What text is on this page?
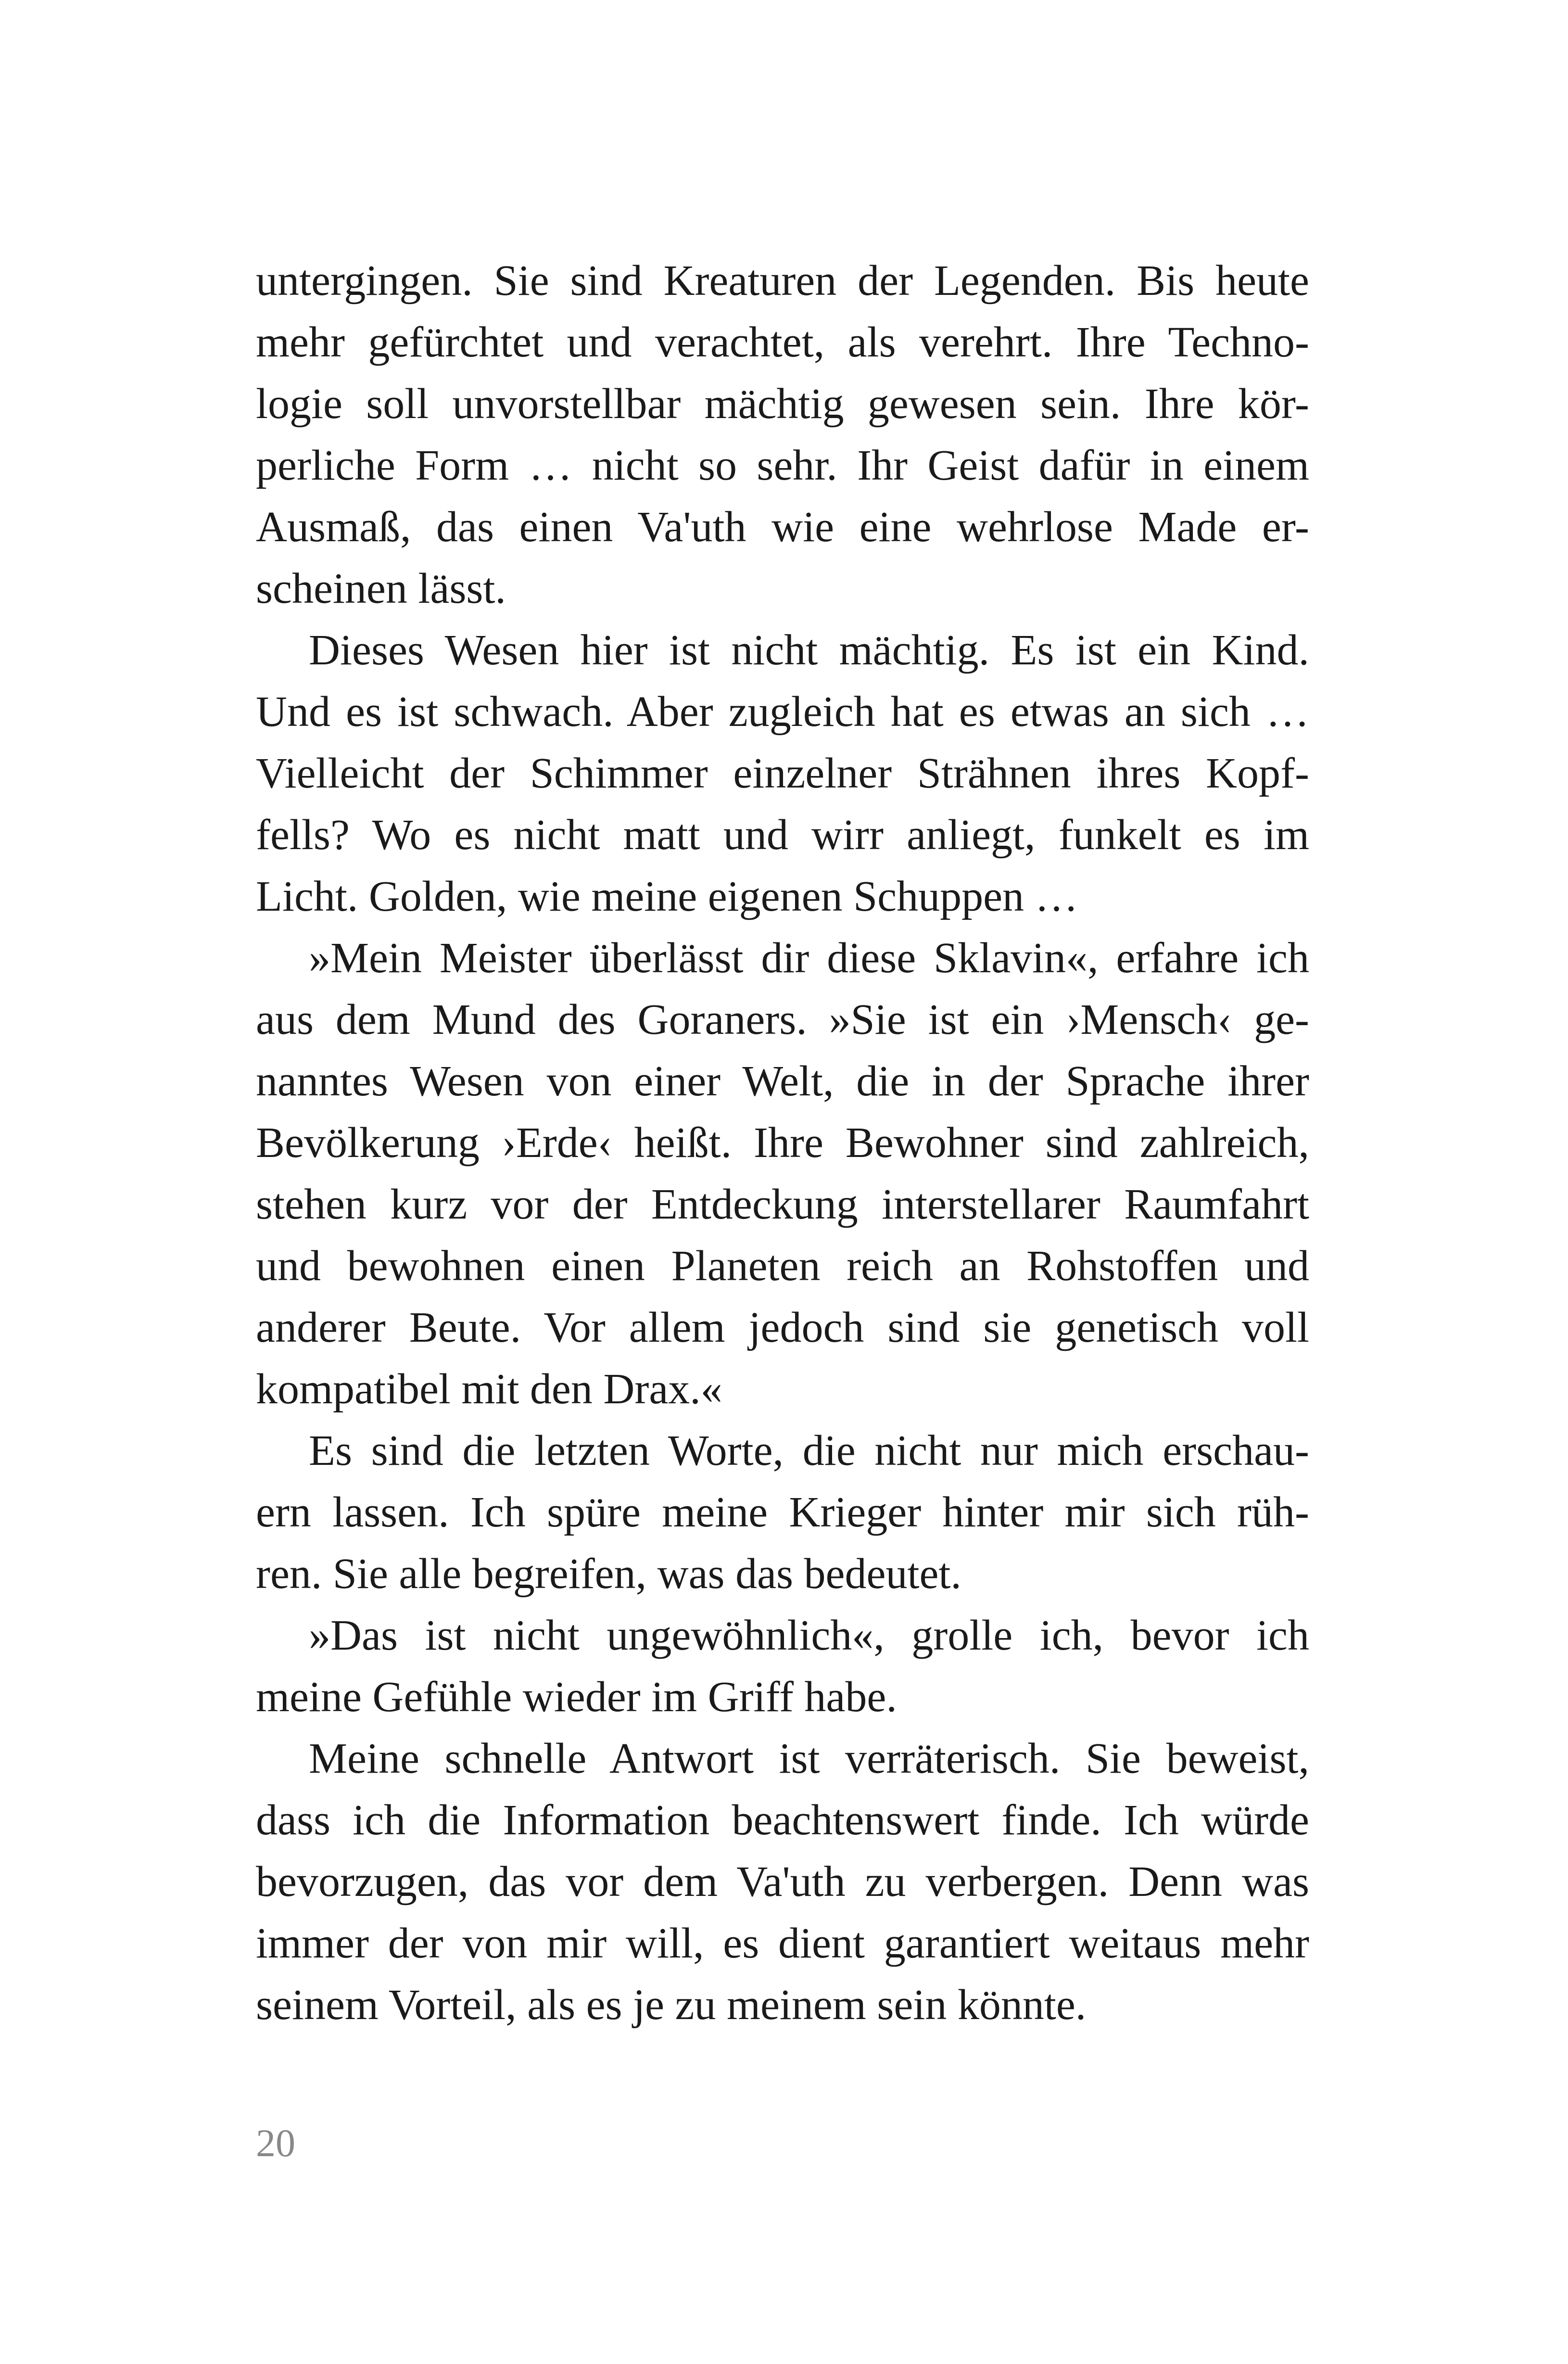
untergingen. Sie sind Kreaturen der Legenden. Bis heute
mehr gefürchtet und verachtet, als verehrt. Ihre Techno-
logie soll unvorstellbar mächtig gewesen sein. Ihre kör-
perliche Form … nicht so sehr. Ihr Geist dafür in einem
Ausmaß, das einen Va'uth wie eine wehrlose Made er-
scheinen lässt.
Dieses Wesen hier ist nicht mächtig. Es ist ein Kind.
Und es ist schwach. Aber zugleich hat es etwas an sich …
Vielleicht der Schimmer einzelner Strähnen ihres Kopf-
fells? Wo es nicht matt und wirr anliegt, funkelt es im
Licht. Golden, wie meine eigenen Schuppen …
»Mein Meister überlässt dir diese Sklavin«, erfahre ich
aus dem Mund des Goraners. »Sie ist ein ›Mensch‹ ge-
nanntes Wesen von einer Welt, die in der Sprache ihrer
Bevölkerung ›Erde‹ heißt. Ihre Bewohner sind zahlreich,
stehen kurz vor der Entdeckung interstellarer Raumfahrt
und bewohnen einen Planeten reich an Rohstoffen und
anderer Beute. Vor allem jedoch sind sie genetisch voll
kompatibel mit den Drax.«
Es sind die letzten Worte, die nicht nur mich erschau-
ern lassen. Ich spüre meine Krieger hinter mir sich rüh-
ren. Sie alle begreifen, was das bedeutet.
»Das ist nicht ungewöhnlich«, grolle ich, bevor ich
meine Gefühle wieder im Griff habe.
Meine schnelle Antwort ist verräterisch. Sie beweist,
dass ich die Information beachtenswert finde. Ich würde
bevorzugen, das vor dem Va'uth zu verbergen. Denn was
immer der von mir will, es dient garantiert weitaus mehr
seinem Vorteil, als es je zu meinem sein könnte.
20
